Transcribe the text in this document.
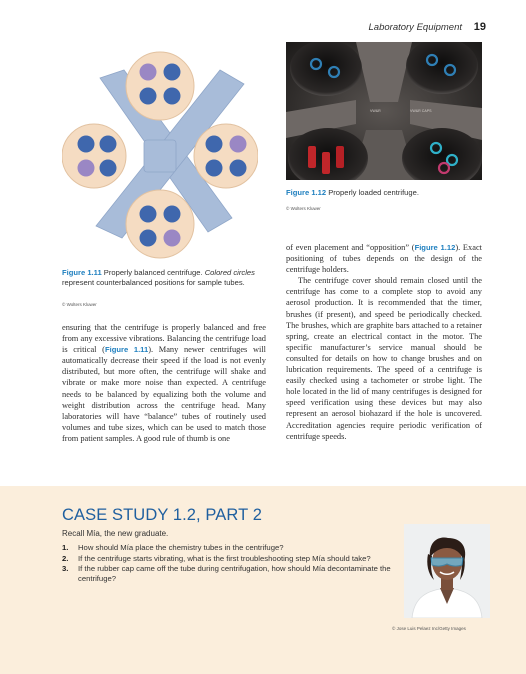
Laboratory Equipment 19
Figure 1.11 Properly balanced centrifuge. Colored circles represent counterbalanced positions for sample tubes.
© Wolters Kluwer
VW&R	VW&R CAPS
Figure 1.12 Properly loaded centrifuge.
© Wolters Kluwer

ensuring that the centrifuge is properly balanced and free from any excessive vibrations. Balancing the centrifuge load is critical (Figure 1.11). Many newer centrifuges will automatically decrease their speed if the load is not evenly distributed, but more often, the centrifuge will shake and vibrate or make more noise than expected. A centrifuge needs to be balanced by equalizing both the volume and weight distribution across the centrifuge head. Many laboratories will have “balance” tubes of routinely used volumes and tube sizes, which can be used to match those from patient samples. A good rule of thumb is one

of even placement and “opposition” (Figure 1.12). Exact positioning of tubes depends on the design of the centrifuge holders.

The centrifuge cover should remain closed until the centrifuge has come to a complete stop to avoid any aerosol production. It is recommended that the timer, brushes (if present), and speed be periodically checked. The brushes, which are graphite bars attached to a retainer spring, create an electrical contact in the motor. The specific manufacturer’s service manual should be consulted for details on how to change brushes and on lubrication requirements. The speed of a centrifuge is easily checked using a tachometer or strobe light. The hole located in the lid of many centrifuges is designed for speed verification using these devices but may also represent an aerosol biohazard if the hole is uncovered. Accreditation agencies require periodic verification of centrifuge speeds.

CASE STUDY 1.2, PART 2
Recall Mía, the new graduate.
1. How should Mía place the chemistry tubes in the centrifuge?
2. If the centrifuge starts vibrating, what is the first troubleshooting step Mía should take?
3. If the rubber cap came off the tube during centrifugation, how should Mía decontaminate the centrifuge?
© Jose Luis Pelaez Inc/Getty Images
